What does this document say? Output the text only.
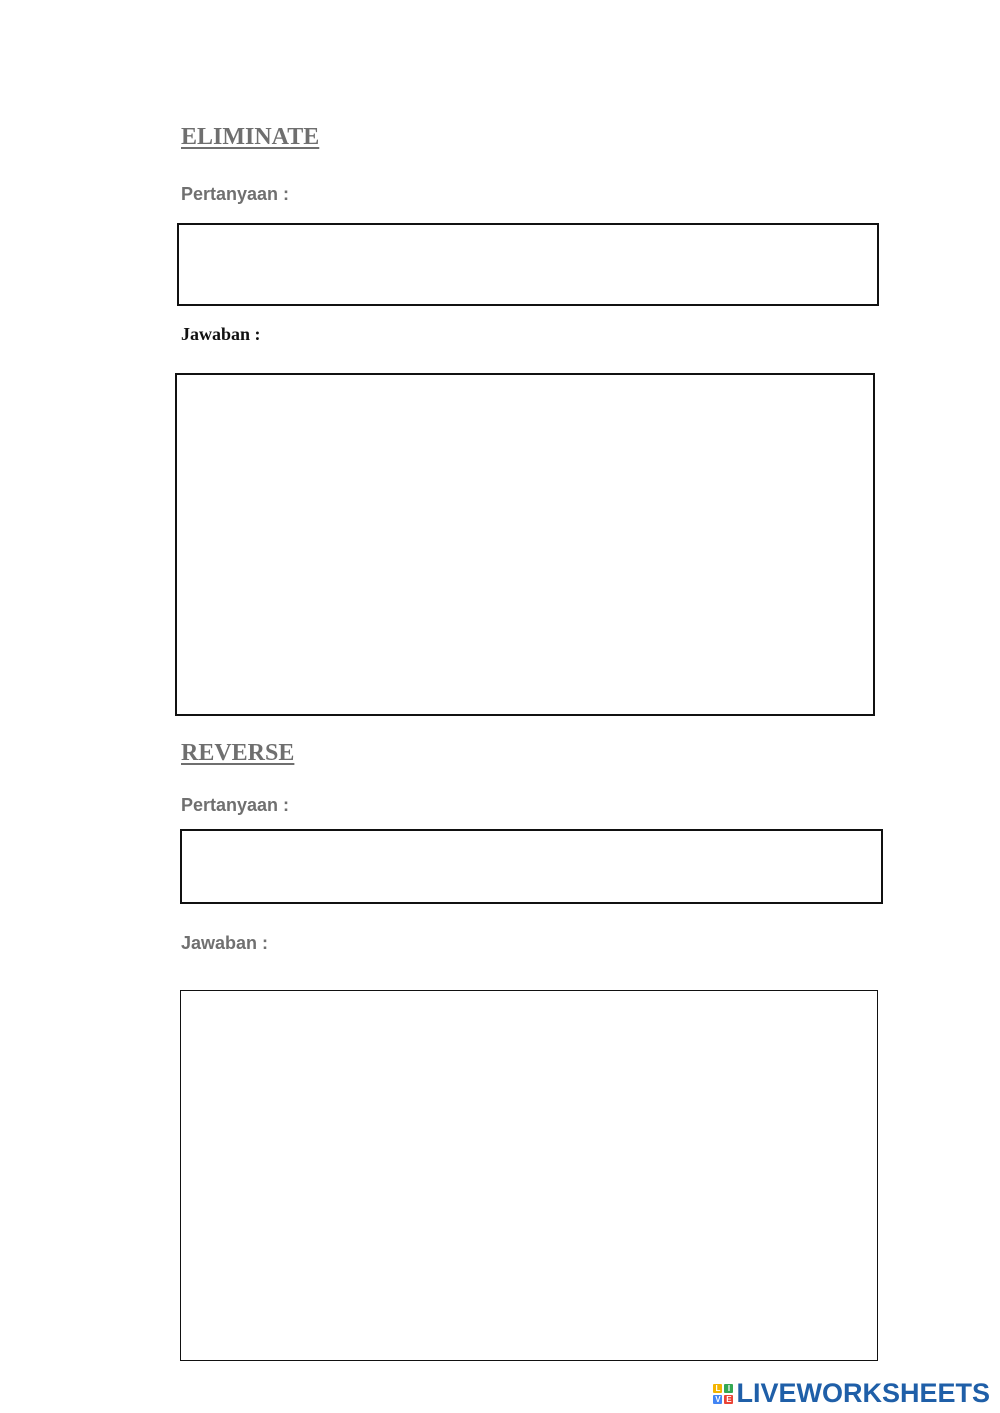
ELIMINATE

Pertanyaan :

Jawaban :

REVERSE

Pertanyaan :

Jawaban :

L I
V E LIVEWORKSHEETS
